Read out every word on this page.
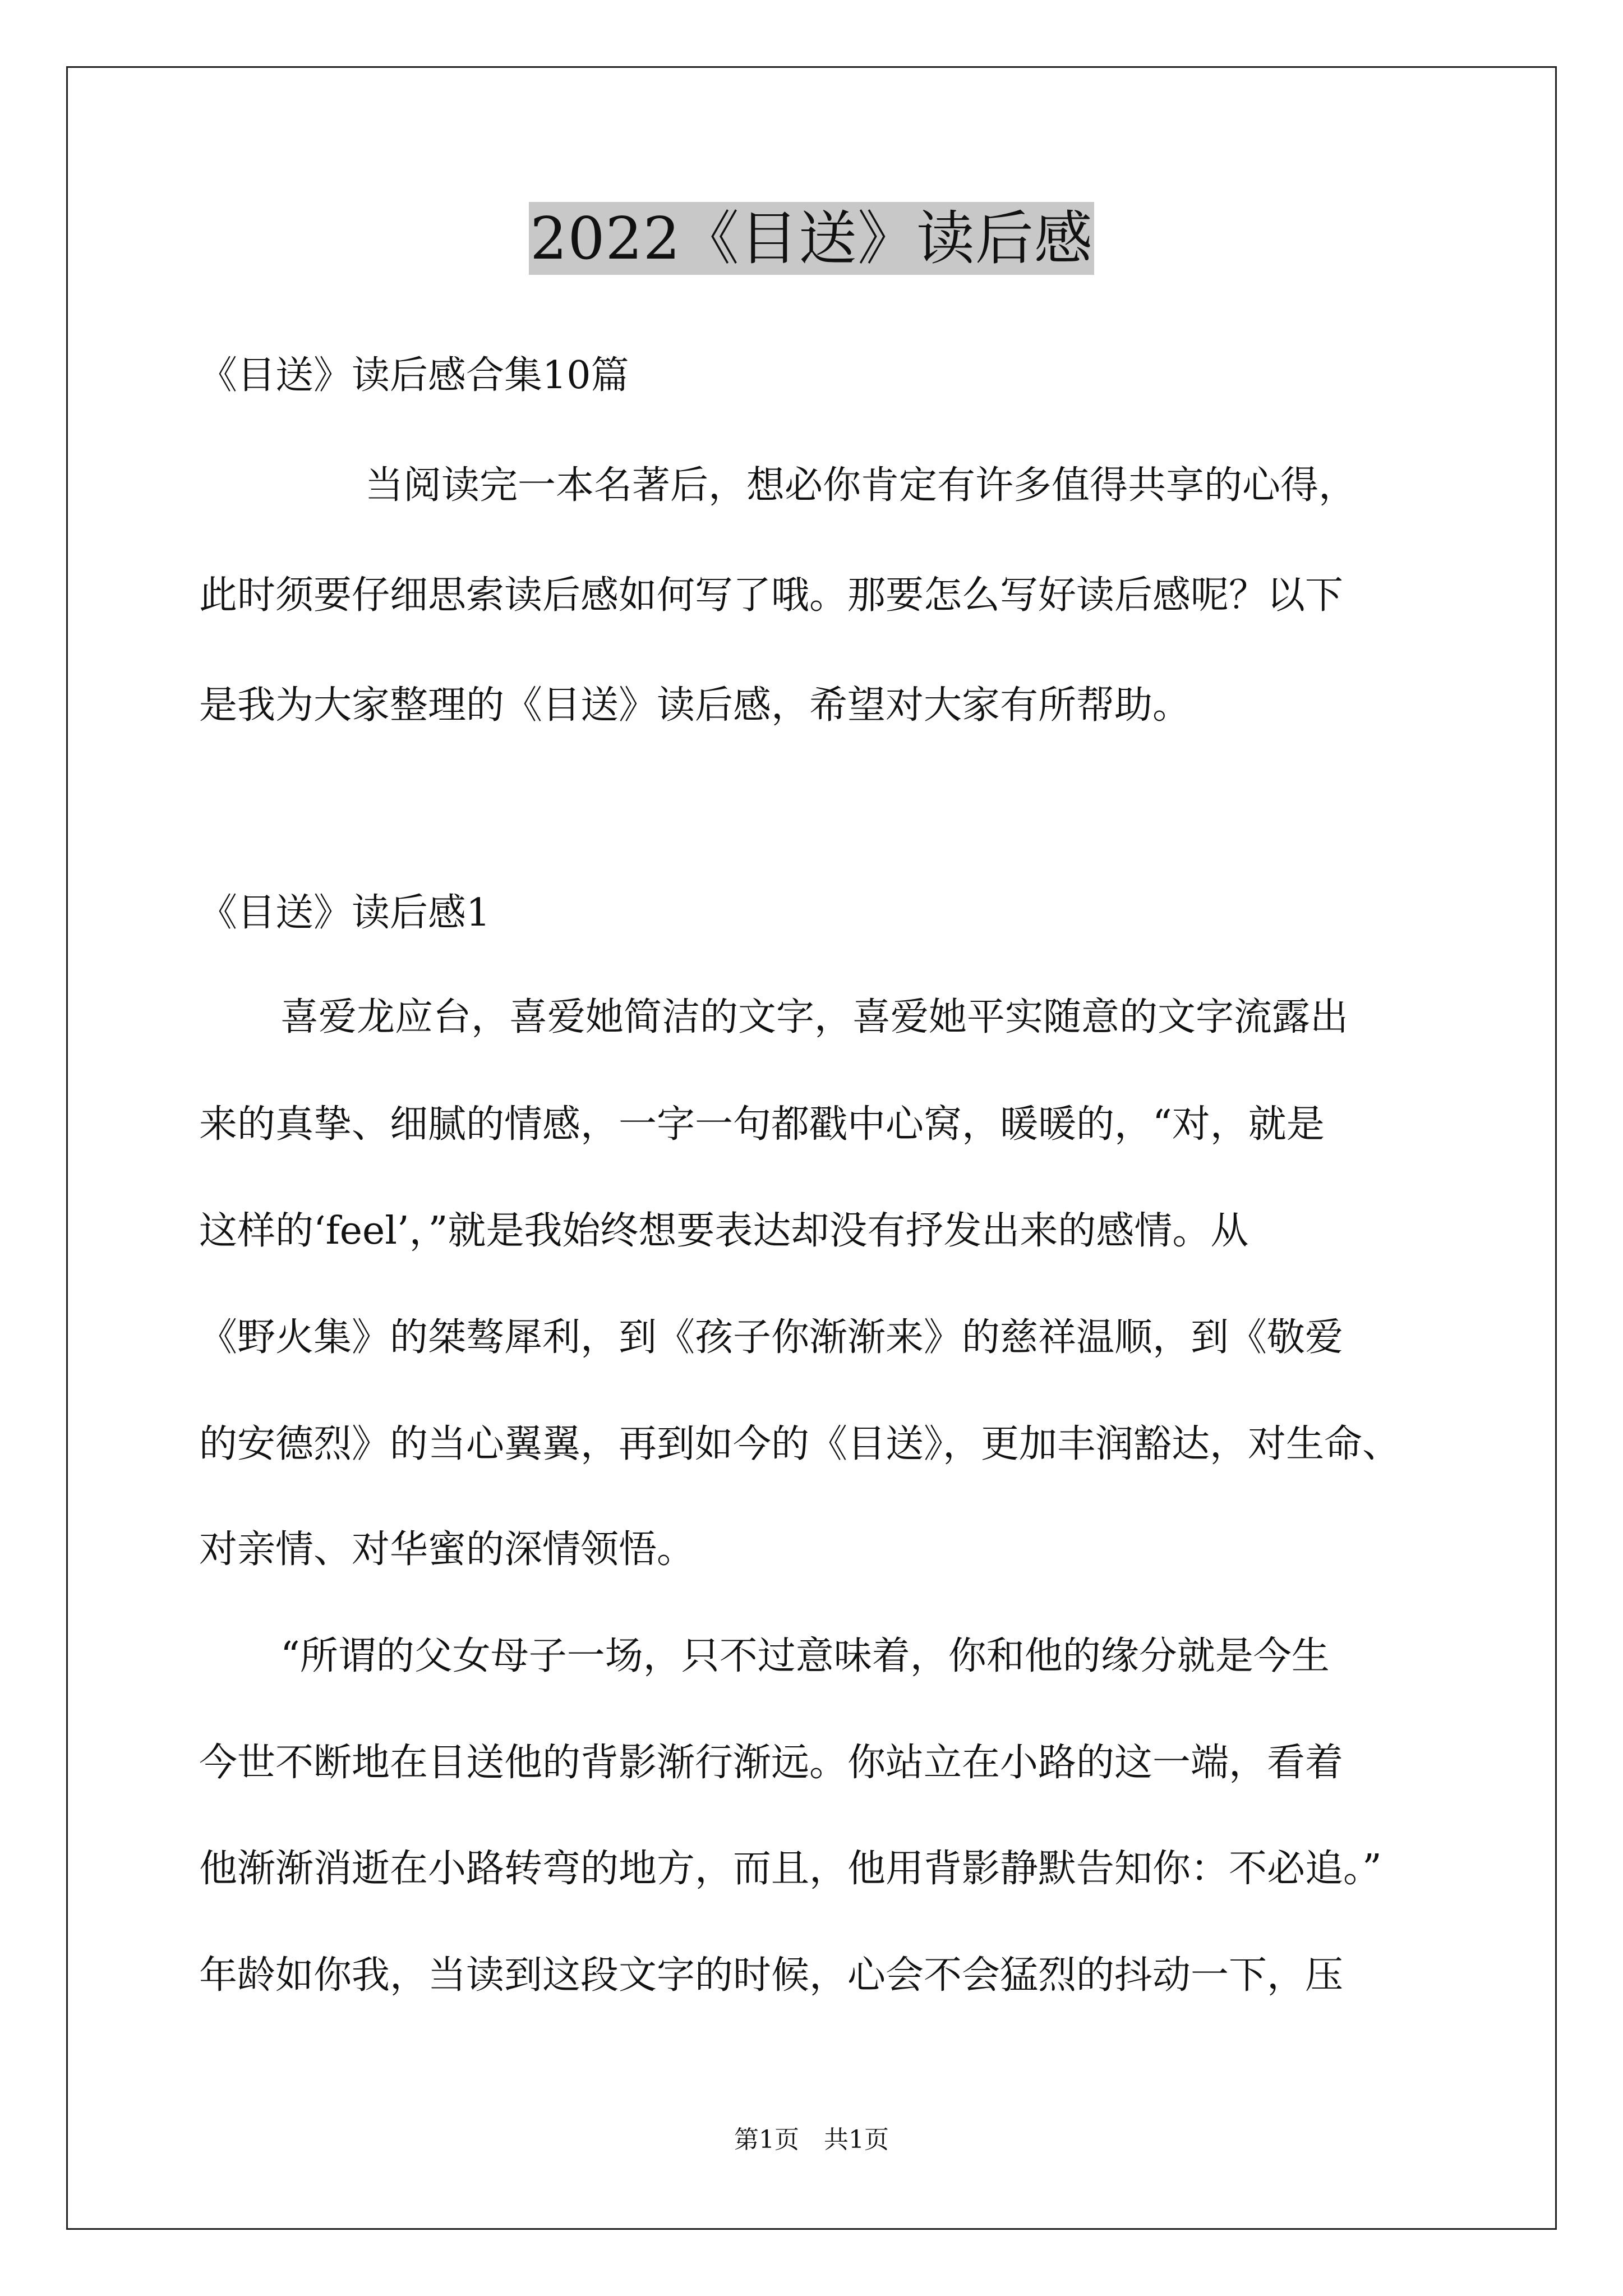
2022《目送》读后感
《目送》读后感合集10篇
当阅读完一本名著后，想必你肯定有许多值得共享的心得，
此时须要仔细思索读后感如何写了哦。那要怎么写好读后感呢？以下
是我为大家整理的《目送》读后感，希望对大家有所帮助。
《目送》读后感1
喜爱龙应台，喜爱她简洁的文字，喜爱她平实随意的文字流露出
来的真挚、细腻的情感，一字一句都戳中心窝，暖暖的，“对，就是
这样的‘feel’，”就是我始终想要表达却没有抒发出来的感情。从
《野火集》的桀骜犀利，到《孩子你渐渐来》的慈祥温顺，到《敬爱
的安德烈》的当心翼翼，再到如今的《目送》，更加丰润豁达，对生命、
对亲情、对华蜜的深情领悟。
“所谓的父女母子一场，只不过意味着，你和他的缘分就是今生
今世不断地在目送他的背影渐行渐远。你站立在小路的这一端，看着
他渐渐消逝在小路转弯的地方，而且，他用背影静默告知你：不必追。”
年龄如你我，当读到这段文字的时候，心会不会猛烈的抖动一下，压
第1页　共1页
